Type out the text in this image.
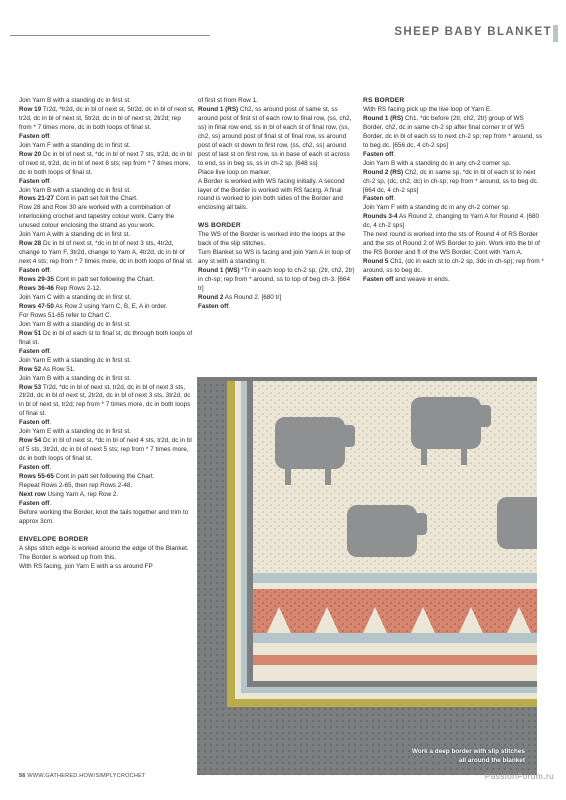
SHEEP BABY BLANKET

Join Yarn B with a standing dc in first st.

Row 19 Tr2d, *tr2d, dc in bl of next st, 5tr2d, dc in bl of next st, tr2d, dc in bl of next st, 5tr2d, dc in bl of next st, 2tr2d; rep from * 7 times more, dc in both loops of final st.

Fasten off.

Join Yarn F with a standing dc in first st.

Row 20 Dc in bl of next st, *dc in bl of next 7 sts, tr2d, dc in bl of next st, tr2d, dc in bl of next 8 sts; rep from * 7 times more, dc in both loops of final st.

Fasten off.

Join Yarn B with a standing dc in first st.

Rows 21-27 Cont in patt set foll the Chart.

Row 28 and Row 30 are worked with a combination of interlocking crochet and tapestry colour work. Carry the unused colour enclosing the strand as you work.

Join Yarn A with a standing dc in first st.

Row 28 Dc in bl of next st, *dc in bl of next 3 sts, 4tr2d, change to Yarn F, 3tr2d, change to Yarn A, 4tr2d, dc in bl of next 4 sts; rep from * 7 times more, dc in both loops of final st.

Fasten off.

Rows 29-35 Cont in patt set following the Chart.

Rows 36-46 Rep Rows 2-12.

Join Yarn C with a standing dc in first st.

Rows 47-50 As Row 2 using Yarn C, B, E, A in order.

For Rows 51-65 refer to Chart C.

Join Yarn B with a standing dc in first st.

Row 51 Dc in bl of each st to final st, dc through both loops of final st.

Fasten off.

Join Yarn E with a standing dc in first st.

Row 52 As Row 51.

Join Yarn B with a standing dc in first st.

Row 53 Tr2d, *dc in bl of next st, tr2d, dc in bl of next 3 sts, 2tr2d, dc in bl of next st, 2tr2d, dc in bl of next 3 sts, 3tr2d, dc in bl of next st, tr2d; rep from * 7 times more, dc in both loops of final st.

Fasten off.

Join Yarn E with a standing dc in first st.

Row 54 Dc in bl of next st, *dc in bl of next 4 sts, tr2d, dc in bl of 5 sts, 3tr2d, dc in bl of next 5 sts; rep from * 7 times more, dc in both loops of final st.

Fasten off.

Rows 55-65 Cont in patt set following the Chart.

Repeat Rows 2-65, then rep Rows 2-48.

Next row Using Yarn A, rep Row 2.

Fasten off.

Before working the Border, knot the tails together and trim to approx 3cm.

ENVELOPE BORDER

A slips stitch edge is worked around the edge of the Blanket. The Border is worked up from this.

With RS facing, join Yarn E with a ss around FP

of first st from Row 1.

Round 1 (RS) Ch2, ss around post of same st, ss around post of first st of each row to final row, (ss, ch2, ss) in final row end, ss in bl of each st of final row, (ss, ch2, ss) around post of final st of final row, ss around post of each st down to first row, (ss, ch2, ss) around post of last st on first row, ss in base of each st across to end, ss in beg ss, ss in ch-2 sp. [648 ss]

Place live loop on marker.

A Border is worked with WS facing initially. A second layer of the Border is worked with RS facing. A final round is worked to join both sides of the Border and enclosing all tails.

WS BORDER

The WS of the Border is worked into the loops at the back of the slip stitches.

Turn Blanket so WS is facing and join Yarn A in loop of any st with a standing tr.

Round 1 (WS) *Tr in each loop to ch-2 sp, (2tr, ch2, 2tr) in ch-sp; rep from * around, ss to top of beg ch-3. [664 tr]

Round 2 As Round 2. [680 tr]

Fasten off.

RS BORDER

With RS facing pick up the live loop of Yarn E.

Round 1 (RS) Ch1, *dc before (2tr, ch2, 2tr) group of WS Border, ch2, dc in same ch-2 sp after final corner tr of WS Border, dc in bl of each ss to next ch-2 sp; rep from * around, ss to beg dc. [656 dc, 4 ch-2 sps]

Fasten off.

Join Yarn B with a standing dc in any ch-2 corner sp.

Round 2 (RS) Ch2, dc in same sp, *dc in bl of each st to next ch-2 sp, (dc, ch2, dc) in ch-sp; rep from * around, ss to beg dc. [664 dc, 4 ch-2 sps]

Fasten off.

Join Yarn F with a standing dc in any ch-2 corner sp.

Rounds 3-4 As Round 2, changing to Yarn A for Round 4. [680 dc, 4 ch-2 sps]

The next round is worked into the sts of Round 4 of RS Border and the sts of Round 2 of WS Border to join. Work into the bl of the RS Border and fl of the WS Border. Cont with Yarn A.

Round 5 Ch1, (dc in each st to ch-2 sp, 3dc in ch-sp); rep from * around, ss to beg dc.

Fasten off and weave in ends.

Work a deep border with slip stitches all around the blanket
56 WWW.GATHERED.HOW/SIMPLYCROCHET	PassionForum.ru
